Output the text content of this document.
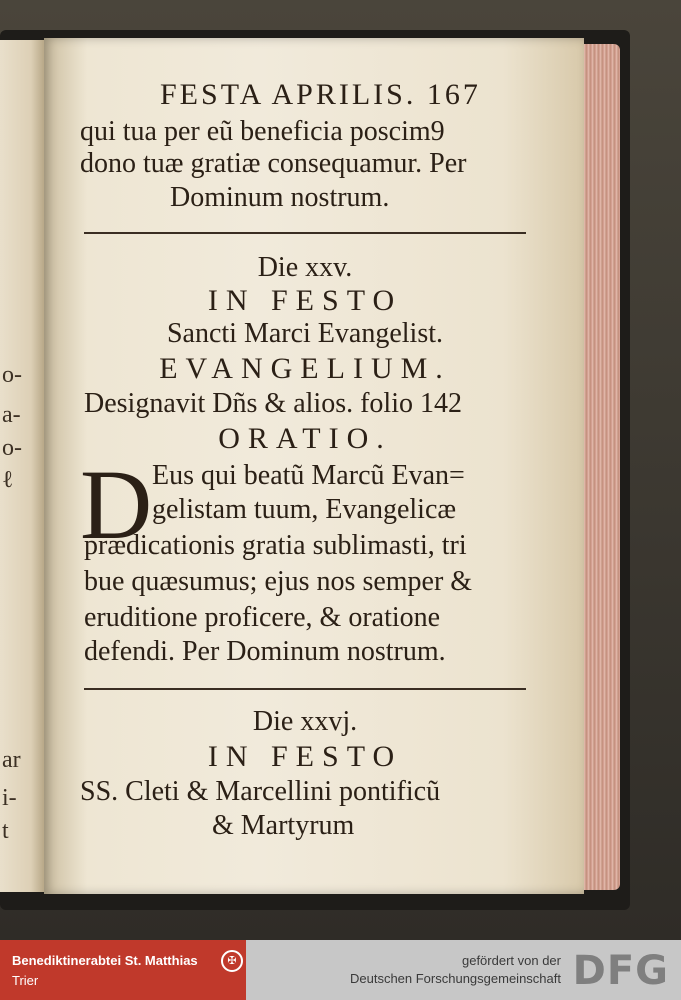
o-
a-
o-
ℓ
ar
i-
t
FESTA APRILIS. 167
qui tua per eũ beneficia poscim9
dono tuæ gratiæ consequamur. Per
Dominum nostrum.
Die xxv.
IN FESTO
Sancti Marci Evangelist.
EVANGELIUM.
Designavit Dñs & alios. folio 142
ORATIO.
D Eus qui beatũ Marcũ Evan=
gelistam tuum, Evangelicæ
prædicationis gratia sublimasti, tri
bue quæsumus; ejus nos semper &
eruditione proficere, & oratione
defendi. Per Dominum nostrum.
Die xxvj.
IN FESTO
SS. Cleti & Marcellini pontificũ
& Martyrum
Benediktinerabtei St. Matthias
Trier
✠	gefördert von der
Deutschen Forschungsgemeinschaft DFG
